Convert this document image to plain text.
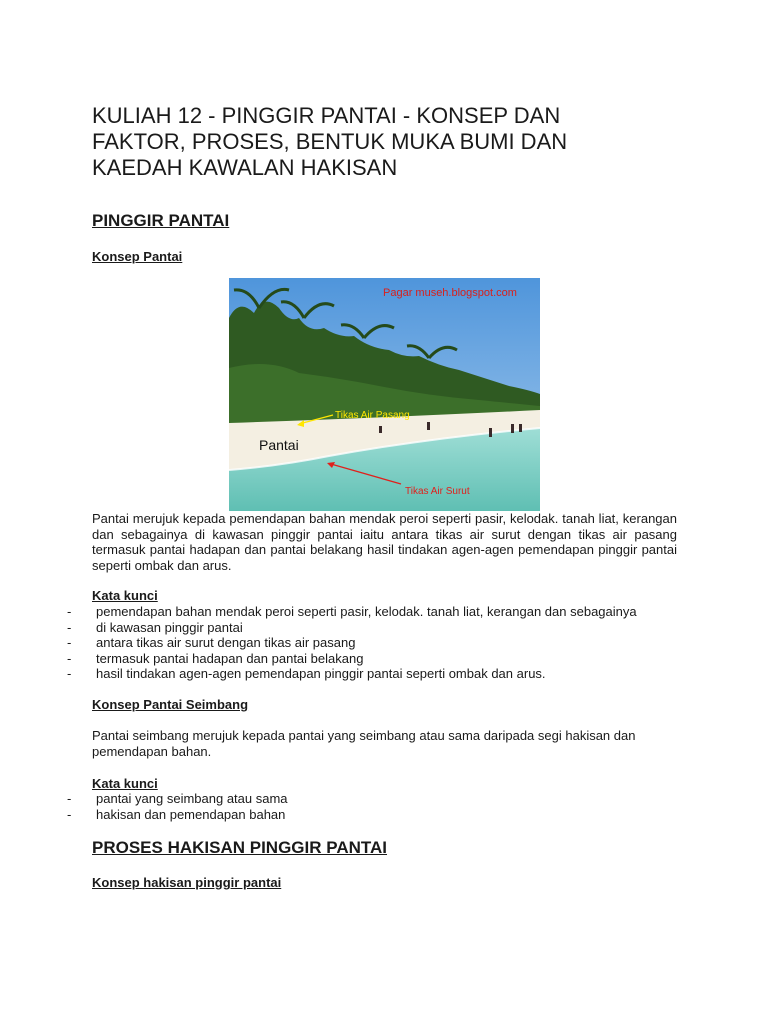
KULIAH 12 - PINGGIR PANTAI - KONSEP DAN
FAKTOR, PROSES, BENTUK MUKA BUMI DAN
KAEDAH KAWALAN HAKISAN
PINGGIR PANTAI
Konsep Pantai
Pagar museh.blogspot.com
Tikas Air Pasang
Pantai
Tikas Air Surut

Pantai merujuk kepada pemendapan bahan mendak peroi seperti pasir, kelodak. tanah liat, kerangan dan sebagainya di kawasan pinggir pantai iaitu antara tikas air surut dengan tikas air pasang termasuk pantai hadapan dan pantai belakang hasil tindakan agen-agen pemendapan pinggir pantai seperti ombak dan arus.

Kata kunci
- pemendapan bahan mendak peroi seperti pasir, kelodak. tanah liat, kerangan dan sebagainya
- di kawasan pinggir pantai
- antara tikas air surut dengan tikas air pasang
- termasuk pantai hadapan dan pantai belakang
- hasil tindakan agen-agen pemendapan pinggir pantai seperti ombak dan arus.
Konsep Pantai Seimbang

Pantai seimbang merujuk kepada pantai yang seimbang atau sama daripada segi hakisan dan pemendapan bahan.

Kata kunci
- pantai yang seimbang atau sama
- hakisan dan pemendapan bahan
PROSES HAKISAN PINGGIR PANTAI
Konsep hakisan pinggir pantai
